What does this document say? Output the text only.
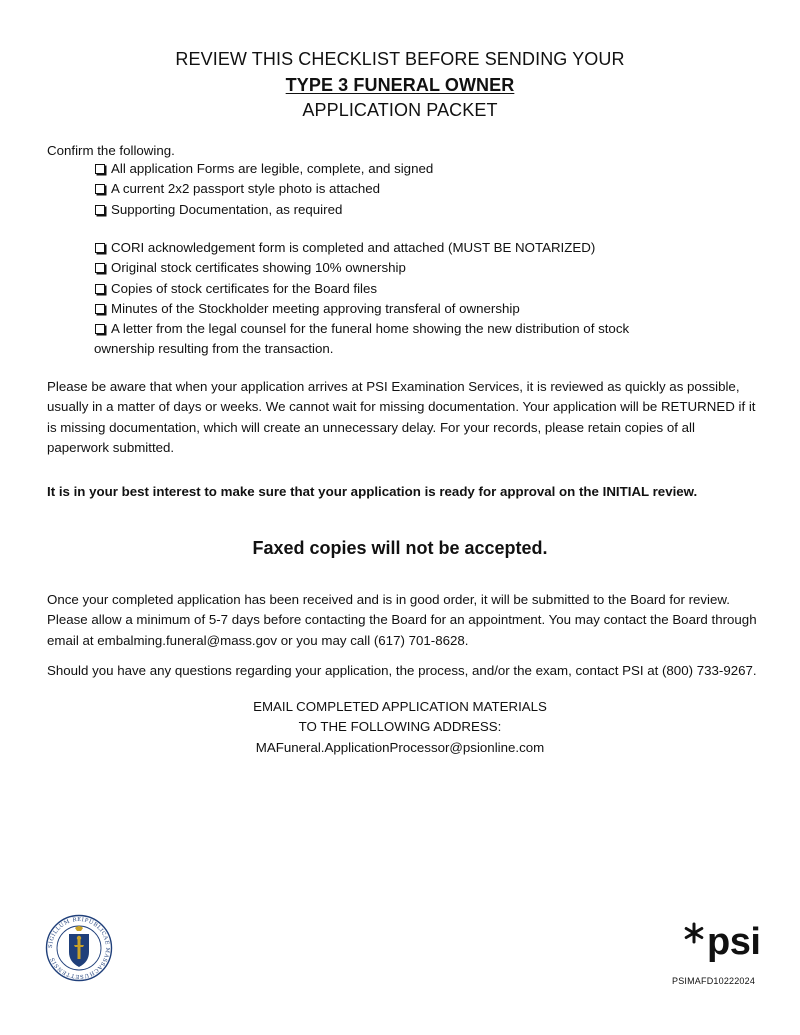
REVIEW THIS CHECKLIST BEFORE SENDING YOUR
TYPE 3 FUNERAL OWNER
APPLICATION PACKET
Confirm the following.
All application Forms are legible, complete, and signed
A current 2x2 passport style photo is attached
Supporting Documentation, as required
CORI acknowledgement form is completed and attached (MUST BE NOTARIZED)
Original stock certificates showing 10% ownership
Copies of stock certificates for the Board files
Minutes of the Stockholder meeting approving transferal of ownership
A letter from the legal counsel for the funeral home showing the new distribution of stock
ownership resulting from the transaction.
Please be aware that when your application arrives at PSI Examination Services, it is reviewed as quickly as possible, usually in a matter of days or weeks. We cannot wait for missing documentation. Your application will be RETURNED if it is missing documentation, which will create an unnecessary delay. For your records, please retain copies of all paperwork submitted.
It is in your best interest to make sure that your application is ready for approval on the INITIAL review.
Faxed copies will not be accepted.
Once your completed application has been received and is in good order, it will be submitted to the Board for review. Please allow a minimum of 5-7 days before contacting the Board for an appointment. You may contact the Board through email at embalming.funeral@mass.gov or you may call (617) 701-8628.
Should you have any questions regarding your application, the process, and/or the exam, contact PSI at (800) 733-9267.
EMAIL COMPLETED APPLICATION MATERIALS
TO THE FOLLOWING ADDRESS:
MAFuneral.ApplicationProcessor@psionline.com
SIGILLUM REIPUBLICAE MASSACHUSETTENSIS	psi
PSIMAFD10222024
